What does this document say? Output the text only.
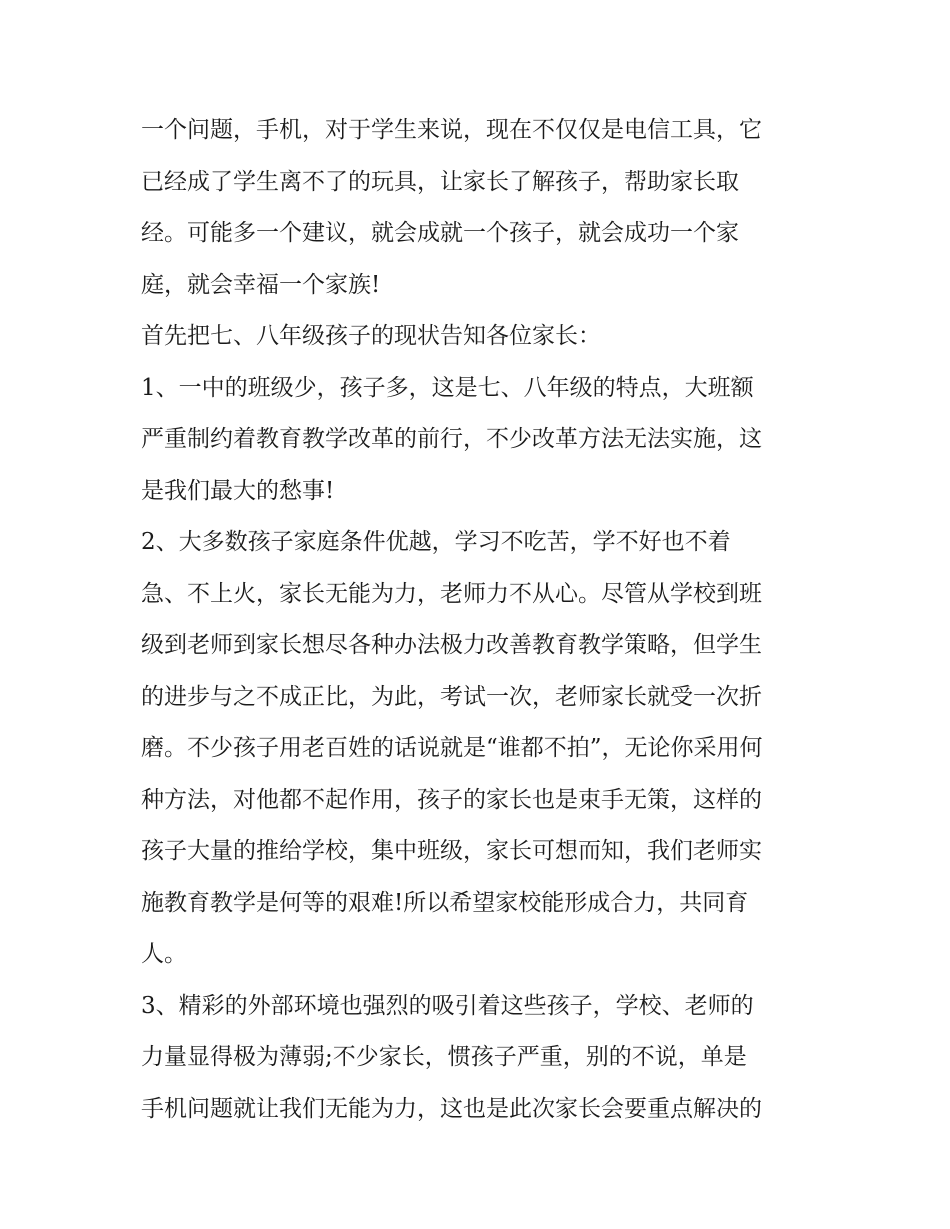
一个问题，手机，对于学生来说，现在不仅仅是电信工具，它
已经成了学生离不了的玩具，让家长了解孩子，帮助家长取
经。可能多一个建议，就会成就一个孩子，就会成功一个家
庭，就会幸福一个家族!
首先把七、八年级孩子的现状告知各位家长：
1、一中的班级少，孩子多，这是七、八年级的特点，大班额
严重制约着教育教学改革的前行，不少改革方法无法实施，这
是我们最大的愁事!
2、大多数孩子家庭条件优越，学习不吃苦，学不好也不着
急、不上火，家长无能为力，老师力不从心。尽管从学校到班
级到老师到家长想尽各种办法极力改善教育教学策略，但学生
的进步与之不成正比，为此，考试一次，老师家长就受一次折
磨。不少孩子用老百姓的话说就是“谁都不拍”，无论你采用何
种方法，对他都不起作用，孩子的家长也是束手无策，这样的
孩子大量的推给学校，集中班级，家长可想而知，我们老师实
施教育教学是何等的艰难!所以希望家校能形成合力，共同育
人。
3、精彩的外部环境也强烈的吸引着这些孩子，学校、老师的
力量显得极为薄弱;不少家长，惯孩子严重，别的不说，单是
手机问题就让我们无能为力，这也是此次家长会要重点解决的
